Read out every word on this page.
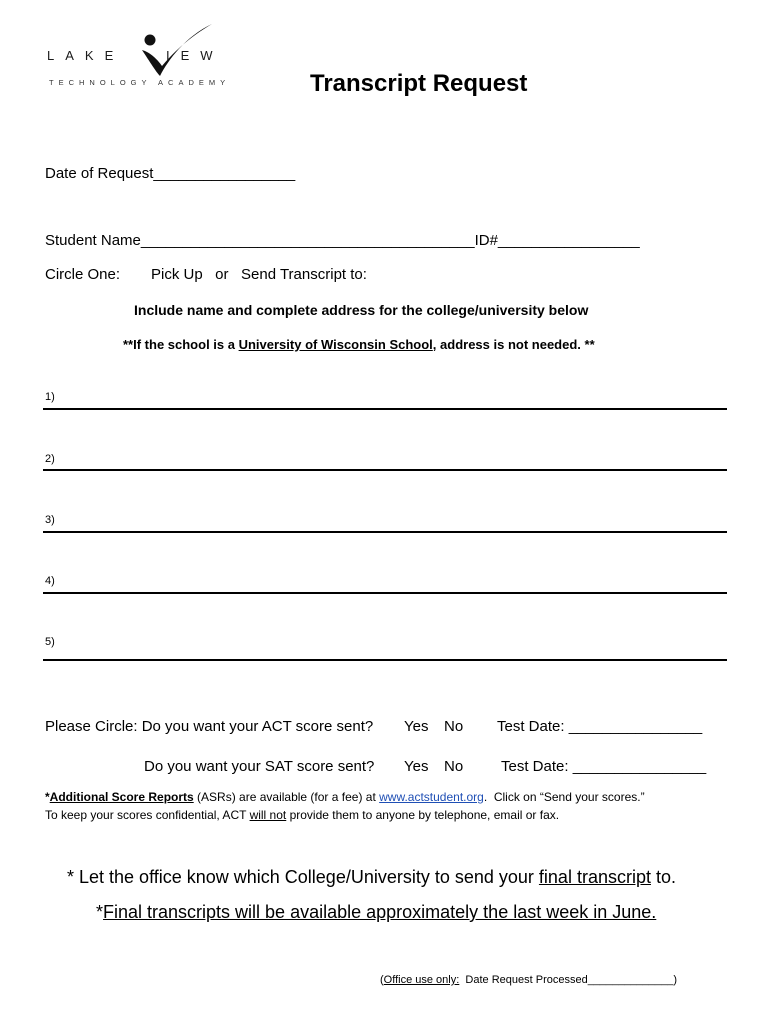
LAKE	IEW
TECHNOLOGY ACADEMY	Transcript Request
Date of Request_________________
Student Name________________________________________ID#_________________
Circle One: Pick Up   or   Send Transcript to:
Include name and complete address for the college/university below
**If the school is a University of Wisconsin School, address is not needed. **
1)
2)
3)
4)
5)
Please Circle: Do you want your ACT score sent? Yes No Test Date: ________________
Do you want your SAT score sent? Yes No	Test Date: ________________
*Additional Score Reports (ASRs) are available (for a fee) at www.actstudent.org.  Click on “Send your scores.”
To keep your scores confidential, ACT will not provide them to anyone by telephone, email or fax.
* Let the office know which College/University to send your final transcript to.
*Final transcripts will be available approximately the last week in June.
(Office use only:  Date Request Processed______________)
